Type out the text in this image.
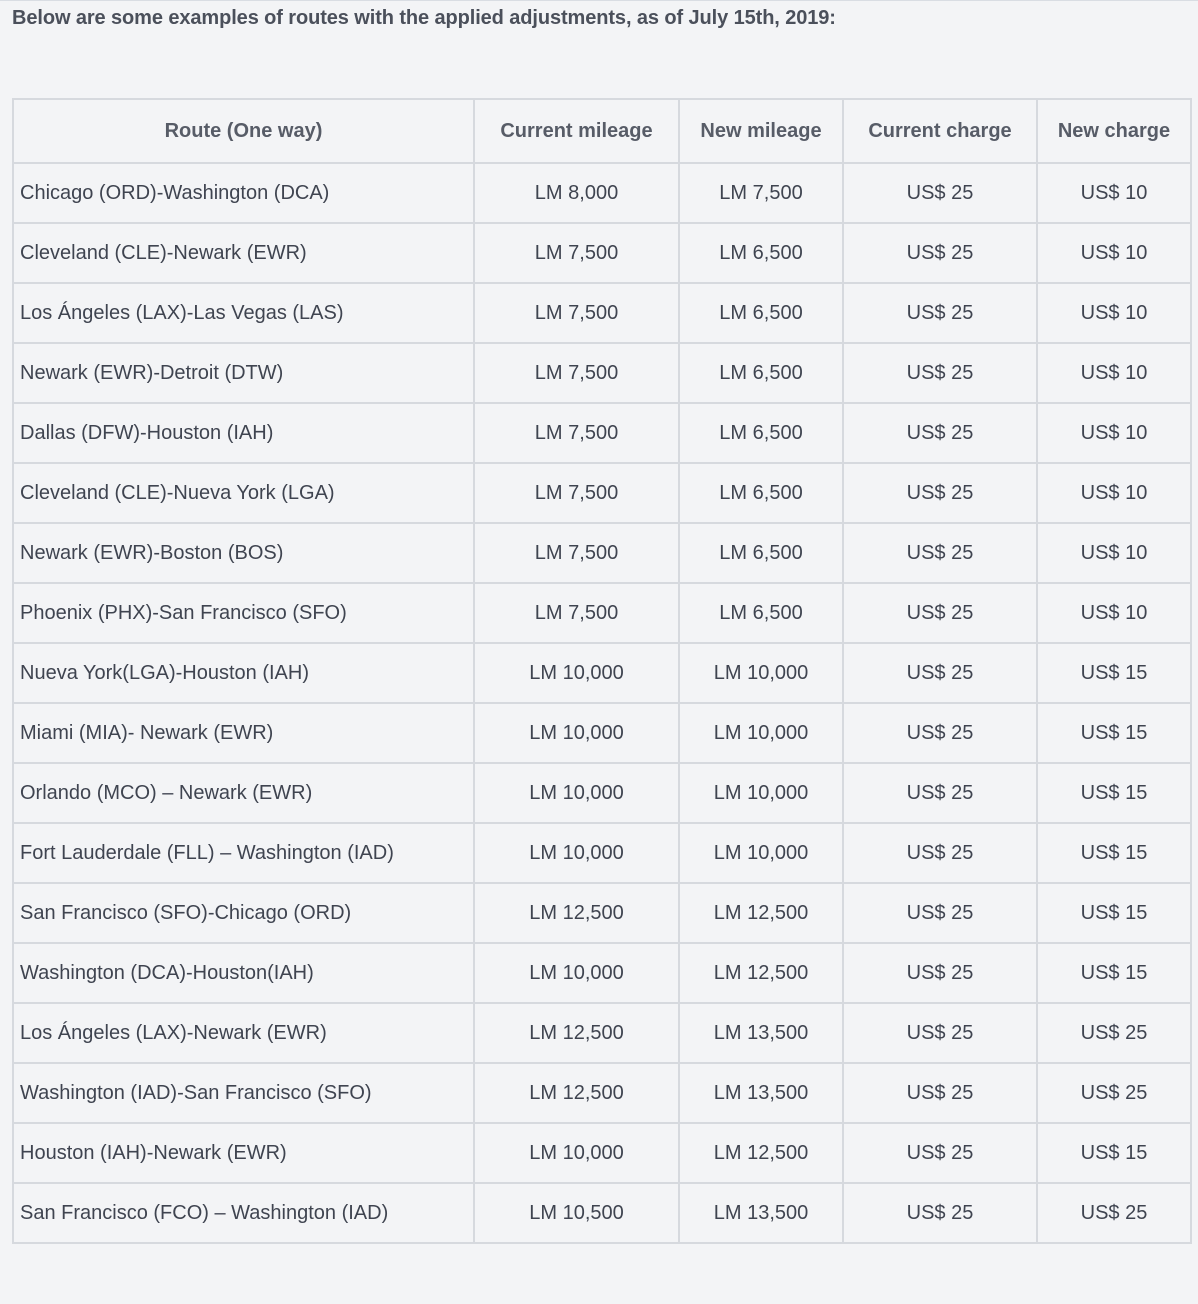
Below are some examples of routes with the applied adjustments, as of July 15th, 2019:
Route (One way)	Current mileage	New mileage	Current charge	New charge
Chicago (ORD)-Washington (DCA)	LM 8,000	LM 7,500	US$ 25	US$ 10
Cleveland (CLE)-Newark (EWR)	LM 7,500	LM 6,500	US$ 25	US$ 10
Los Ángeles (LAX)-Las Vegas (LAS)	LM 7,500	LM 6,500	US$ 25	US$ 10
Newark (EWR)-Detroit (DTW)	LM 7,500	LM 6,500	US$ 25	US$ 10
Dallas (DFW)-Houston (IAH)	LM 7,500	LM 6,500	US$ 25	US$ 10
Cleveland (CLE)-Nueva York (LGA)	LM 7,500	LM 6,500	US$ 25	US$ 10
Newark (EWR)-Boston (BOS)	LM 7,500	LM 6,500	US$ 25	US$ 10
Phoenix (PHX)-San Francisco (SFO)	LM 7,500	LM 6,500	US$ 25	US$ 10
Nueva York(LGA)-Houston (IAH)	LM 10,000	LM 10,000	US$ 25	US$ 15
Miami (MIA)- Newark (EWR)	LM 10,000	LM 10,000	US$ 25	US$ 15
Orlando (MCO) – Newark (EWR)	LM 10,000	LM 10,000	US$ 25	US$ 15
Fort Lauderdale (FLL) – Washington (IAD)	LM 10,000	LM 10,000	US$ 25	US$ 15
San Francisco (SFO)-Chicago (ORD)	LM 12,500	LM 12,500	US$ 25	US$ 15
Washington (DCA)-Houston(IAH)	LM 10,000	LM 12,500	US$ 25	US$ 15
Los Ángeles (LAX)-Newark (EWR)	LM 12,500	LM 13,500	US$ 25	US$ 25
Washington (IAD)-San Francisco (SFO)	LM 12,500	LM 13,500	US$ 25	US$ 25
Houston (IAH)-Newark (EWR)	LM 10,000	LM 12,500	US$ 25	US$ 15
San Francisco (FCO) – Washington (IAD)	LM 10,500	LM 13,500	US$ 25	US$ 25
